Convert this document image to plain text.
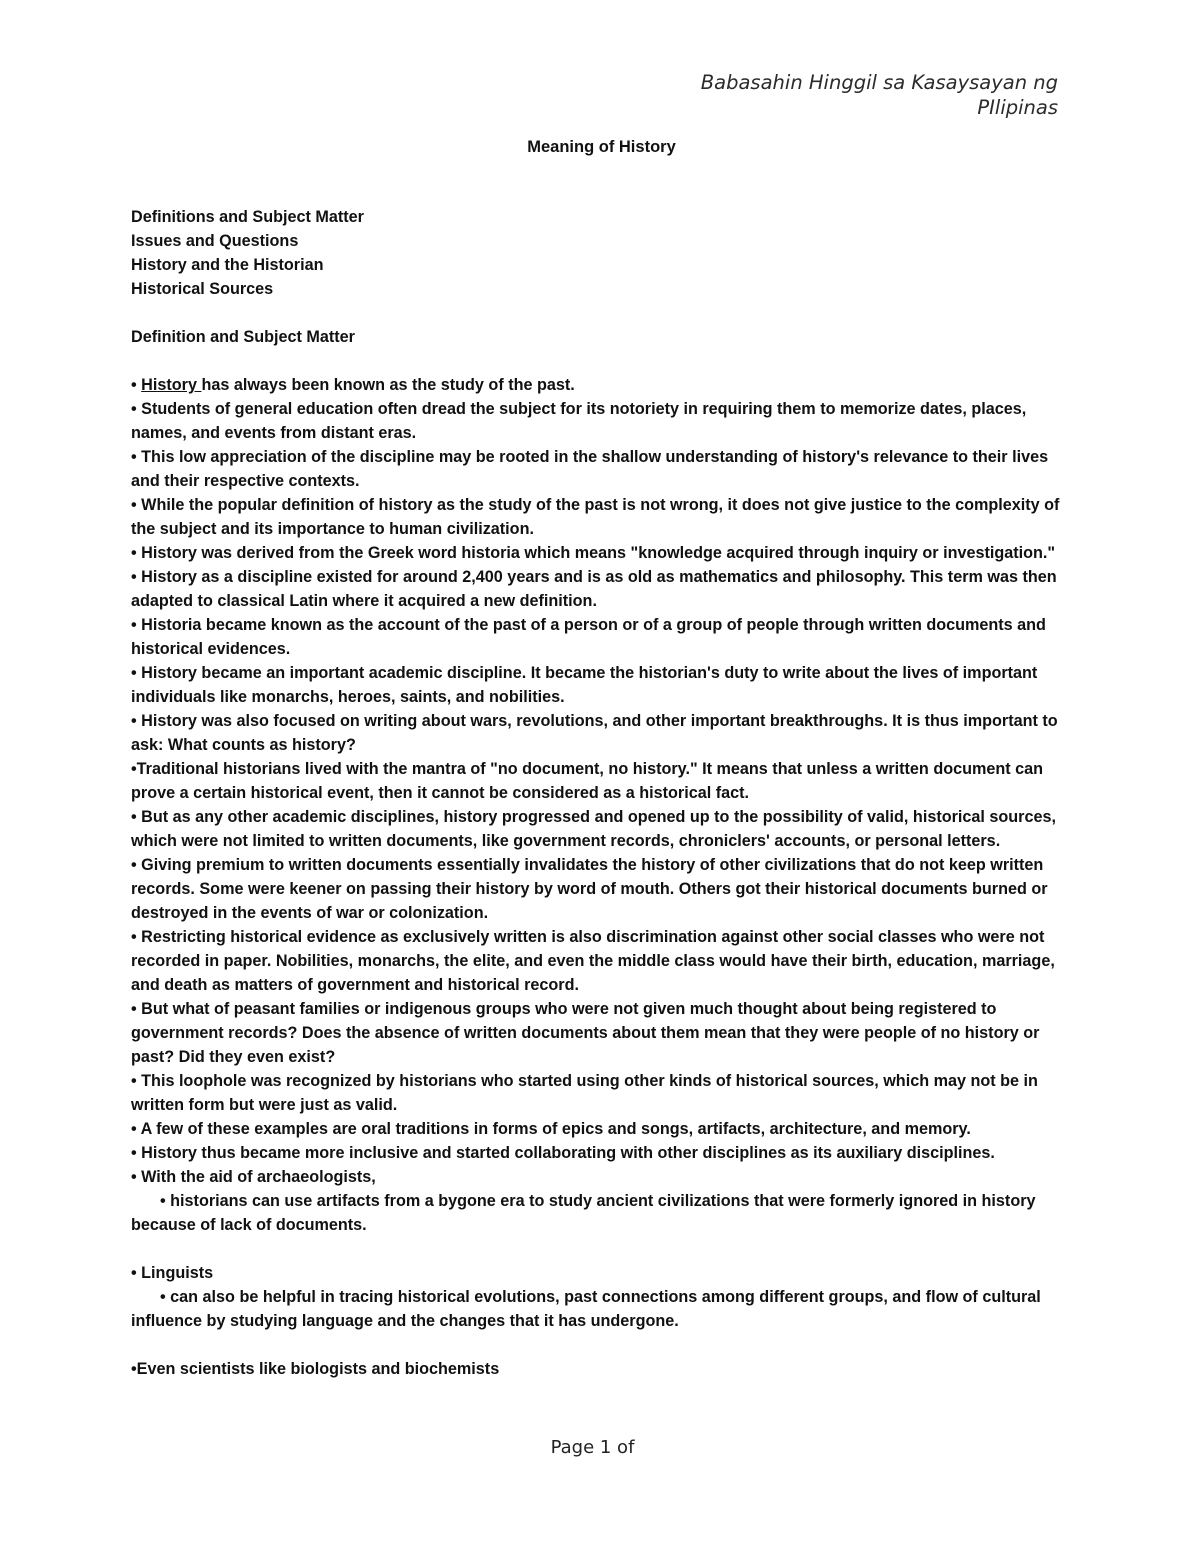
Babasahin Hinggil sa Kasaysayan ng
PIlipinas
Meaning of History

Definitions and Subject Matter

Issues and Questions

History and the Historian

Historical Sources

Definition and Subject Matter

• History has always been known as the study of the past.

• Students of general education often dread the subject for its notoriety in requiring them to memorize dates, places, names, and events from distant eras.

• This low appreciation of the discipline may be rooted in the shallow understanding of history's relevance to their lives and their respective contexts.

• While the popular definition of history as the study of the past is not wrong, it does not give justice to the complexity of the subject and its importance to human civilization.

• History was derived from the Greek word historia which means "knowledge acquired through inquiry or investigation."

• History as a discipline existed for around 2,400 years and is as old as mathematics and philosophy. This term was then adapted to classical Latin where it acquired a new definition.

• Historia became known as the account of the past of a person or of a group of people through written documents and historical evidences.

• History became an important academic discipline. It became the historian's duty to write about the lives of important individuals like monarchs, heroes, saints, and nobilities.

• History was also focused on writing about wars, revolutions, and other important breakthroughs. It is thus important to ask: What counts as history?

•Traditional historians lived with the mantra of "no document, no history." It means that unless a written document can prove a certain historical event, then it cannot be considered as a historical fact.

• But as any other academic disciplines, history progressed and opened up to the possibility of valid, historical sources, which were not limited to written documents, like government records, chroniclers' accounts, or personal letters.

• Giving premium to written documents essentially invalidates the history of other civilizations that do not keep written records. Some were keener on passing their history by word of mouth. Others got their historical documents burned or destroyed in the events of war or colonization.

• Restricting historical evidence as exclusively written is also discrimination against other social classes who were not recorded in paper. Nobilities, monarchs, the elite, and even the middle class would have their birth, education, marriage, and death as matters of government and historical record.

• But what of peasant families or indigenous groups who were not given much thought about being registered to government records? Does the absence of written documents about them mean that they were people of no history or past? Did they even exist?

• This loophole was recognized by historians who started using other kinds of historical sources, which may not be in written form but were just as valid.

• A few of these examples are oral traditions in forms of epics and songs, artifacts, architecture, and memory.

• History thus became more inclusive and started collaborating with other disciplines as its auxiliary disciplines.

• With the aid of archaeologists,

• historians can use artifacts from a bygone era to study ancient civilizations that were formerly ignored in history because of lack of documents.

• Linguists

• can also be helpful in tracing historical evolutions, past connections among different groups, and flow of cultural influence by studying language and the changes that it has undergone.

•Even scientists like biologists and biochemists

Page 1 of
